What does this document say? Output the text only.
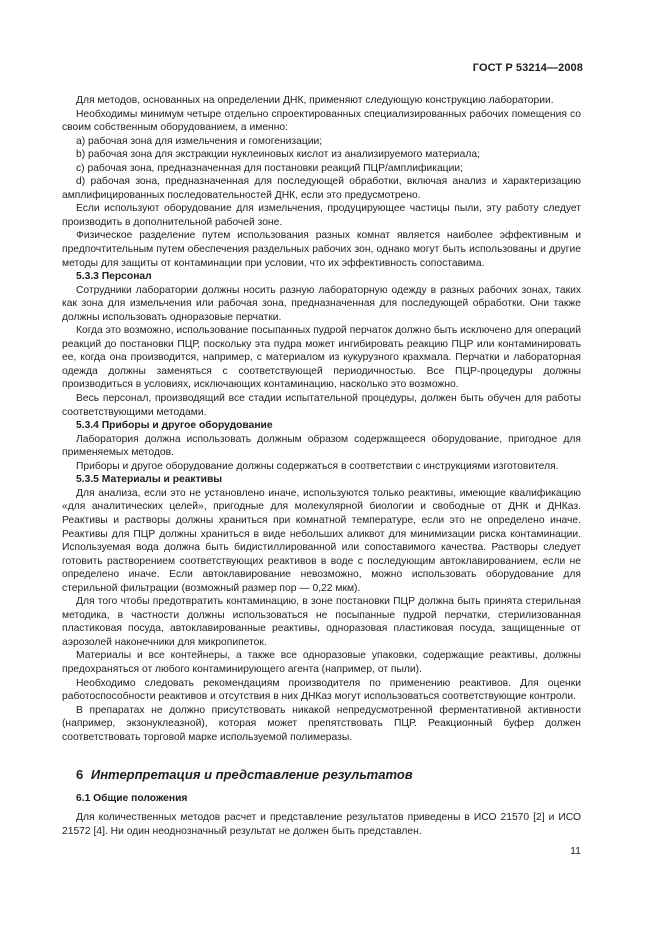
ГОСТ Р 53214—2008

Для методов, основанных на определении ДНК, применяют следующую конструкцию лаборатории.

Необходимы минимум четыре отдельно спроектированных специализированных рабочих помещения со своим собственным оборудованием, а именно:

a) рабочая зона для измельчения и гомогенизации;

b) рабочая зона для экстракции нуклеиновых кислот из анализируемого материала;

c) рабочая зона, предназначенная для постановки реакций ПЦР/амплификации;

d) рабочая зона, предназначенная для последующей обработки, включая анализ и характеризацию амплифицированных последовательностей ДНК, если это предусмотрено.

Если используют оборудование для измельчения, продуцирующее частицы пыли, эту работу следует производить в дополнительной рабочей зоне.

Физическое разделение путем использования разных комнат является наиболее эффективным и предпочтительным путем обеспечения раздельных рабочих зон, однако могут быть использованы и другие методы для защиты от контаминации при условии, что их эффективность сопоставима.

5.3.3 Персонал

Сотрудники лаборатории должны носить разную лабораторную одежду в разных рабочих зонах, таких как зона для измельчения или рабочая зона, предназначенная для последующей обработки. Они также должны использовать одноразовые перчатки.

Когда это возможно, использование посыпанных пудрой перчаток должно быть исключено для операций реакций до постановки ПЦР, поскольку эта пудра может ингибировать реакцию ПЦР или контаминировать ее, когда она производится, например, с материалом из кукурузного крахмала. Перчатки и лабораторная одежда должны заменяться с соответствующей периодичностью. Все ПЦР-процедуры должны производиться в условиях, исключающих контаминацию, насколько это возможно.

Весь персонал, производящий все стадии испытательной процедуры, должен быть обучен для работы соответствующими методами.

5.3.4 Приборы и другое оборудование

Лаборатория должна использовать должным образом содержащееся оборудование, пригодное для применяемых методов.

Приборы и другое оборудование должны содержаться в соответствии с инструкциями изготовителя.

5.3.5 Материалы и реактивы

Для анализа, если это не установлено иначе, используются только реактивы, имеющие квалификацию «для аналитических целей», пригодные для молекулярной биологии и свободные от ДНК и ДНКаз. Реактивы и растворы должны храниться при комнатной температуре, если это не определено иначе. Реактивы для ПЦР должны храниться в виде небольших аликвот для минимизации риска контаминации. Используемая вода должна быть бидистиллированной или сопоставимого качества. Растворы следует готовить растворением соответствующих реактивов в воде с последующим автоклавированием, если не определено иначе. Если автоклавирование невозможно, можно использовать оборудование для стерильной фильтрации (возможный размер пор — 0,22 мкм).

Для того чтобы предотвратить контаминацию, в зоне постановки ПЦР должна быть принята стерильная методика, в частности должны использоваться не посыпанные пудрой перчатки, стерилизованная пластиковая посуда, автоклавированные реактивы, одноразовая пластиковая посуда, защищенные от аэрозолей наконечники для микропипеток.

Материалы и все контейнеры, а также все одноразовые упаковки, содержащие реактивы, должны предохраняться от любого контаминирующего агента (например, от пыли).

Необходимо следовать рекомендациям производителя по применению реактивов. Для оценки работоспособности реактивов и отсутствия в них ДНКаз могут использоваться соответствующие контроли.

В препаратах не должно присутствовать никакой непредусмотренной ферментативной активности (например, экзонуклеазной), которая может препятствовать ПЦР. Реакционный буфер должен соответствовать торговой марке используемой полимеразы.

6 Интерпретация и представление результатов

6.1 Общие положения

Для количественных методов расчет и представление результатов приведены в ИСО 21570 [2] и ИСО 21572 [4]. Ни один неоднозначный результат не должен быть представлен.

11
